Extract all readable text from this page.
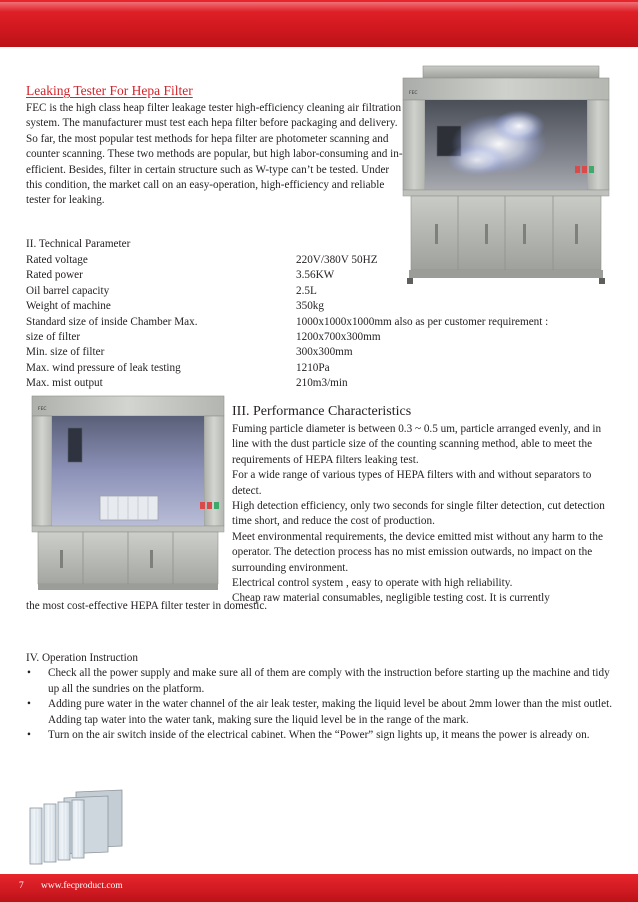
Leaking Tester For Hepa Filter

FEC is the high class heap filter leakage tester high-efficiency cleaning air filtration system. The manufacturer must test each hepa filter before packaging and delivery. So far, the most popular test methods for hepa filter are photometer scanning and counter scanning. These two methods are popular, but high labor-consuming and in-efficient. Besides, filter in certain structure such as W-type can’t be tested. Under this condition, the market call on an easy-operation, high-efficiency and reliable tester for leaking.

FEC

II. Technical Parameter

Rated voltage	220V/380V 50HZ
Rated power	3.56KW
Oil barrel capacity	2.5L
Weight of machine	350kg
Standard size of inside Chamber Max.	1000x1000x1000mm also as per customer requirement :
size of filter	1200x700x300mm
Min. size of filter	300x300mm
Max. wind pressure of leak testing	1210Pa
Max. mist output	210m3/min
FEC	III. Performance Characteristics

Fuming particle diameter is between 0.3 ~ 0.5 um, particle arranged evenly, and in line with the dust particle size of the counting scanning method, able to meet the requirements of HEPA filters leaking test.
For a wide range of various types of HEPA filters with and without separators to detect.
High detection efficiency, only two seconds for single filter detection, cut detection time short, and reduce the cost of production.
Meet environmental requirements, the device emitted mist without any harm to the operator. The detection process has no mist emission outwards, no impact on the surrounding environment.
Electrical control system , easy to operate with high reliability.
Cheap raw material consumables, negligible testing cost. It is currently

the most cost-effective HEPA filter tester in domestic.

IV. Operation Instruction

• Check all the power supply and make sure all of them are comply with the instruction before starting up the machine and tidy up all the sundries on the platform.
• Adding pure water in the water channel of the air leak tester, making the liquid level be about 2mm lower than the mist outlet. Adding tap water into the water tank, making sure the liquid level be in the range of the mark.
• Turn on the air switch inside of the electrical cabinet. When the “Power” sign lights up, it means the power is already on.
7 www.fecproduct.com
